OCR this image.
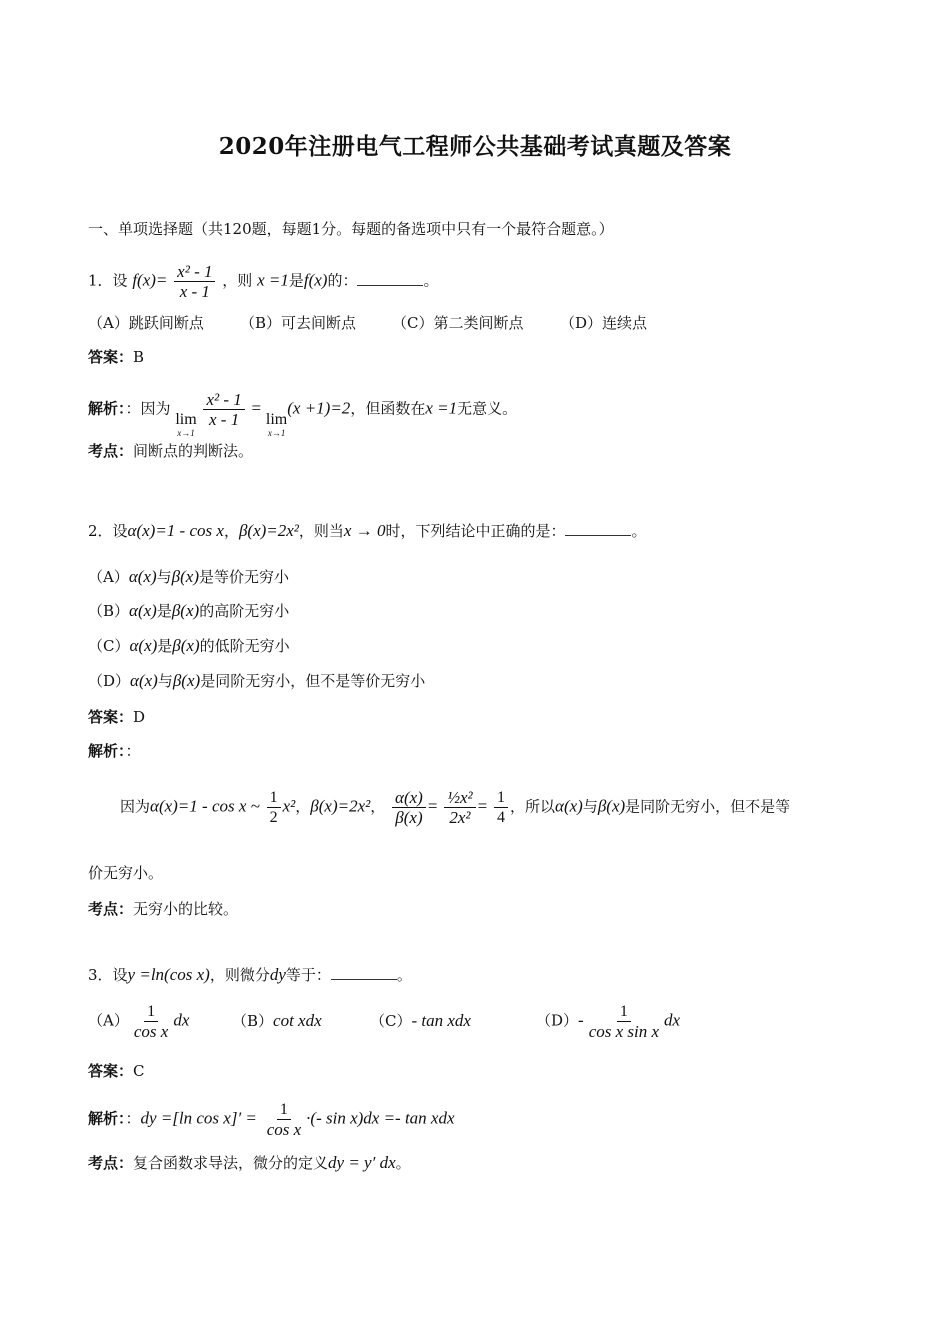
2020年注册电气工程师公共基础考试真题及答案
一、单项选择题（共120题，每题1分。每题的备选项中只有一个最符合题意。）
1．设 $f(x)= \frac{\text{x² - 1}}{x - 1}$ ，则 x =1是f(x)的：	。
（A）跳跃间断点 （B）可去间断点 （C）第二类间断点 （D）连续点
答案：B
解析：：因为
lim
x→1

$\frac{\text{x² - 1}}{x - 1}$ =
lim
x→1
(x +1)=2，但函数在x =1无意义。
考点：间断点的判断法。
2．设α(x)=1 - cos x，β(x)=2x²，则当x → 0时，下列结论中正确的是：	。
（A）α(x)与β(x)是等价无穷小
（B）α(x)是β(x)的高阶无穷小
（C）α(x)是β(x)的低阶无穷小
（D）α(x)与β(x)是同阶无穷小，但不是等价无穷小
答案：D
解析：：
因为α(x)=1 - cos x ~ $\frac{1}{2} x^2$，β(x)=2x²， $\frac{\alpha(x)}{\beta(x)} = \frac{\text{½x²}}{\text{2x²}} = \frac{1}{4}$ ，所以α(x)与β(x)是同阶无穷小，但不是等
价无穷小。
考点：无穷小的比较。
3．设y =ln(cos x)，则微分dy等于：	。
$(A) \frac{1}{\text{cos x}}$ dx	（B）cot xdx	（C）- tan xdx	$(D)- \frac{1}{\text{cos x sin x}}$ dx
答案：C
解析：：dy =[ln $\cos x]' = \frac{1}{\text{cos x}}$ ·(- sin x)dx =- tan xdx
考点：复合函数求导法，微分的定义dy = y′ dx。
